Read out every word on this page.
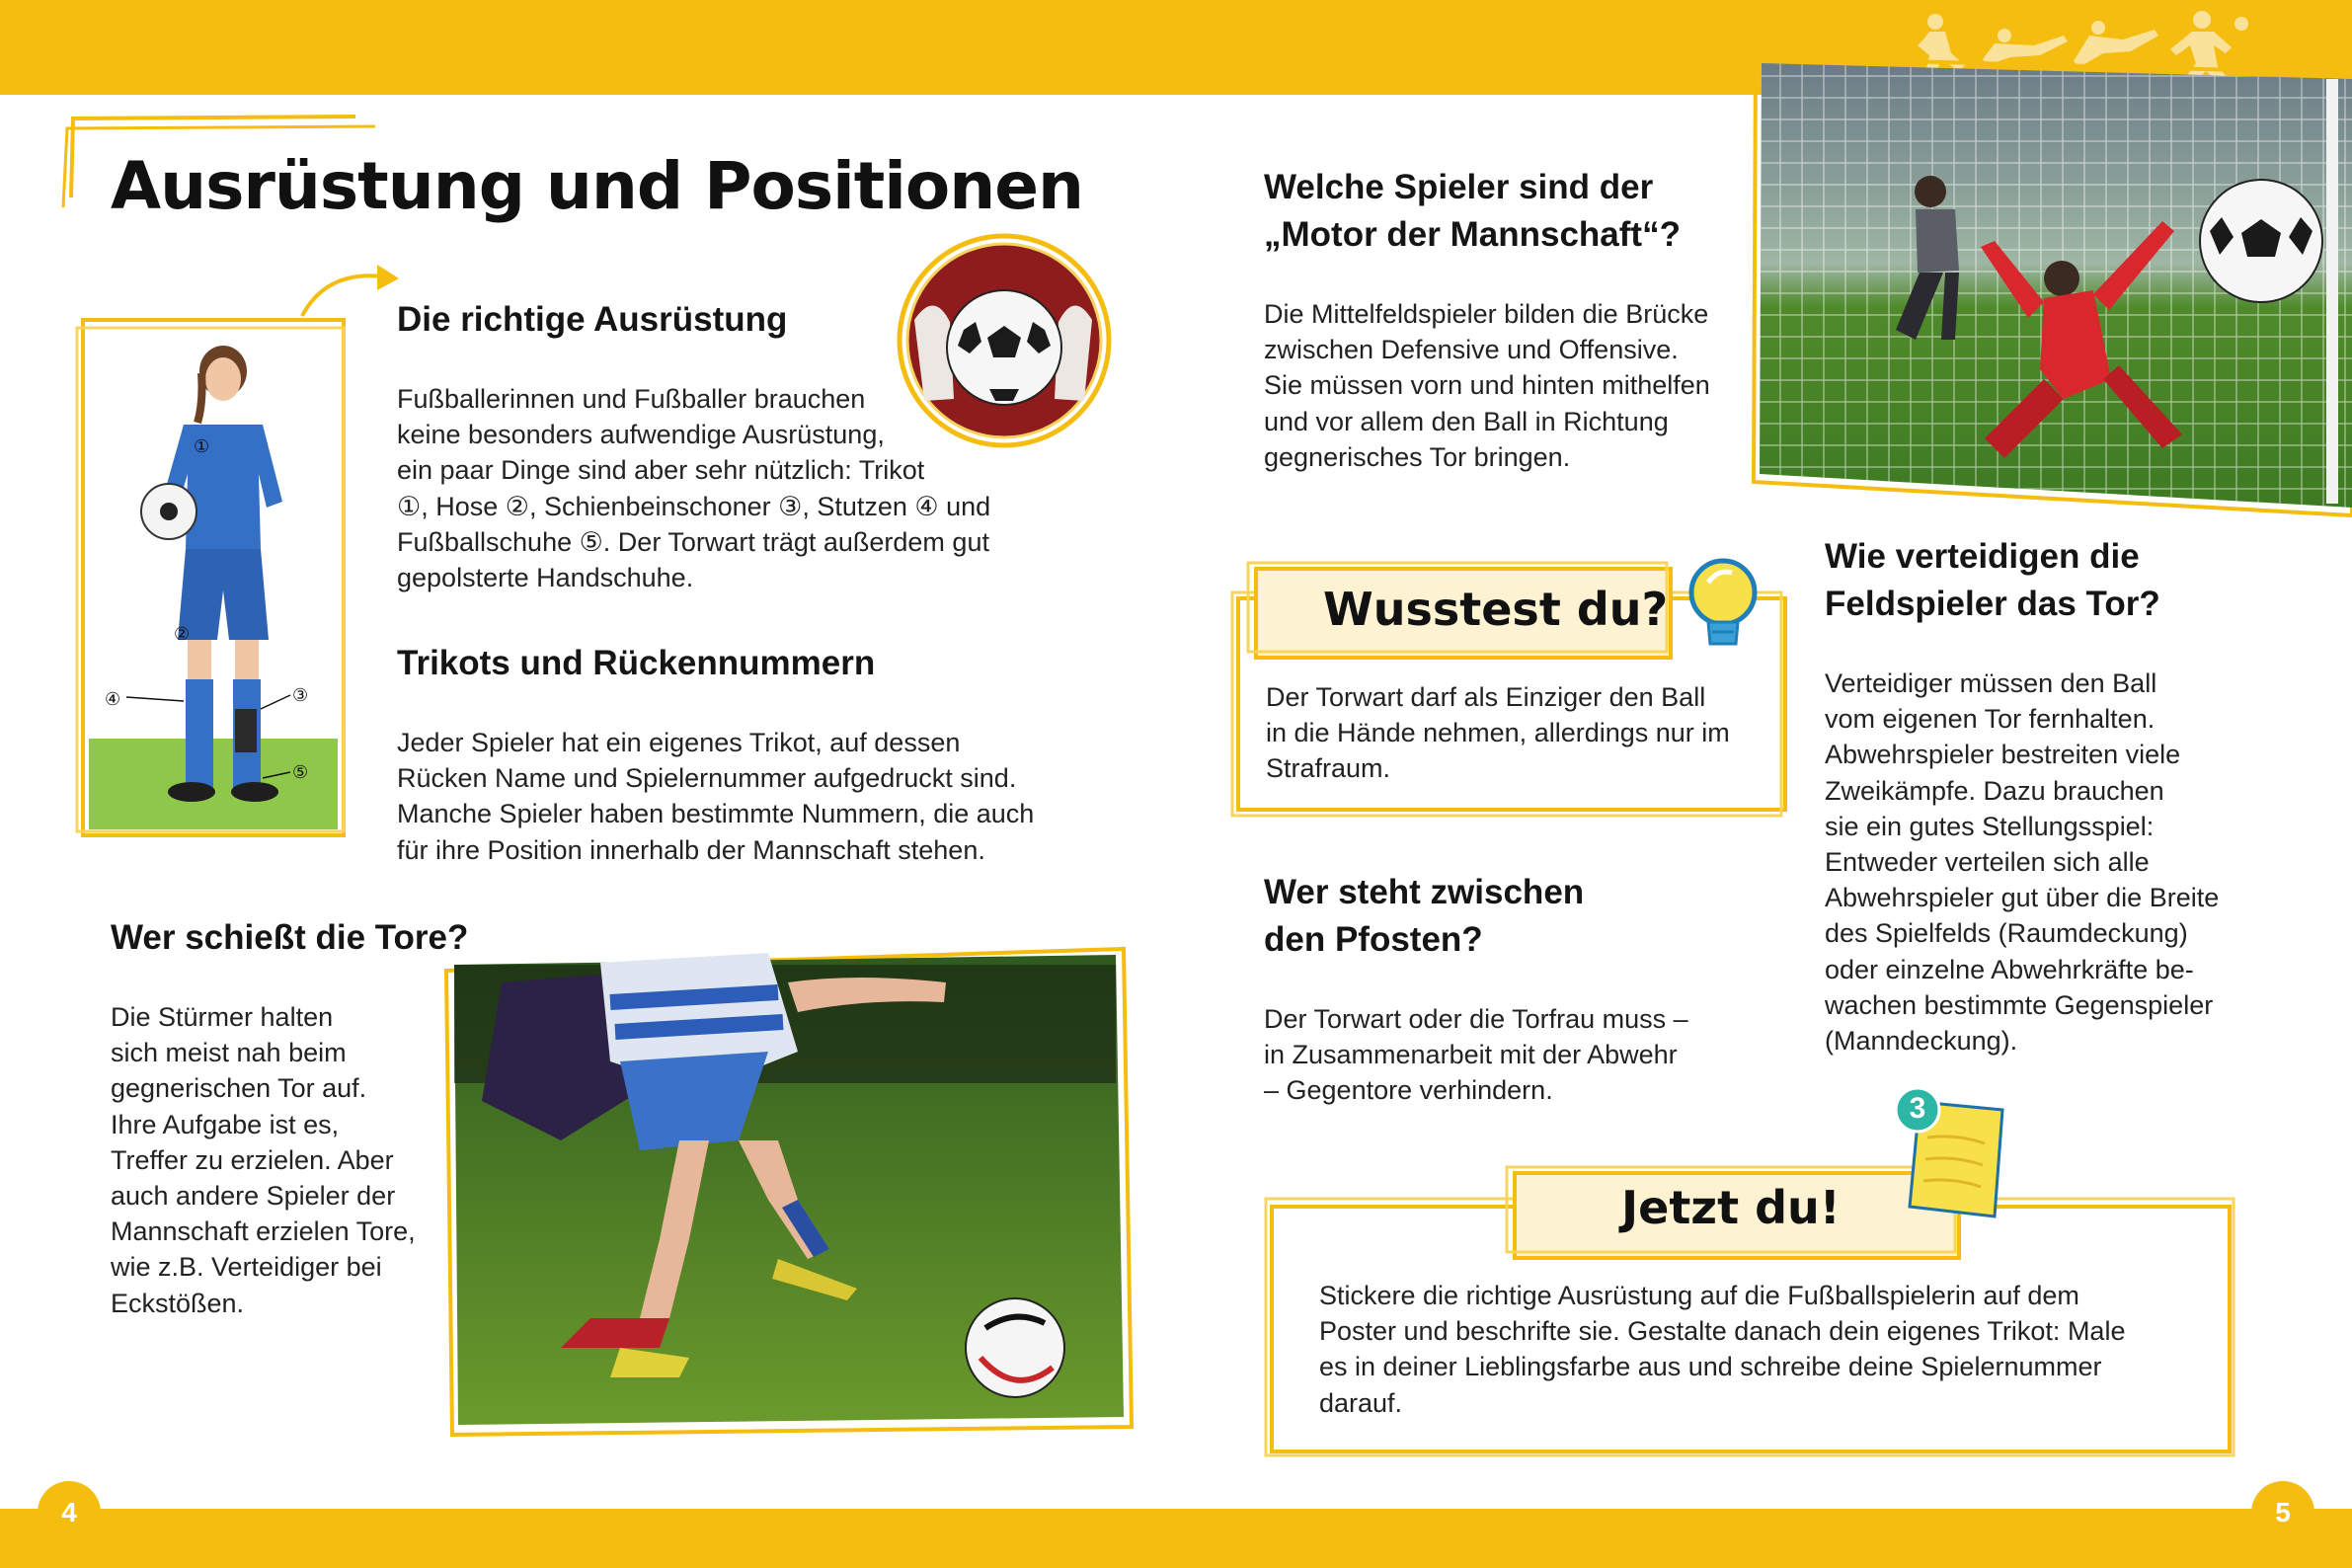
4	5
Ausrüstung und Positionen
①
②
③
④
⑤
Die richtige Ausrüstung

Fußballerinnen und Fußballer brauchen
keine besonders aufwendige Ausrüstung,
ein paar Dinge sind aber sehr nützlich: Trikot
①, Hose ②, Schienbeinschoner ③, Stutzen ④ und
Fußballschuhe ⑤. Der Torwart trägt außerdem gut
gepolsterte Handschuhe.

Trikots und Rückennummern

Jeder Spieler hat ein eigenes Trikot, auf dessen
Rücken Name und Spielernummer aufgedruckt sind.
Manche Spieler haben bestimmte Nummern, die auch
für ihre Position innerhalb der Mannschaft stehen.

Wer schießt die Tore?

Die Stürmer halten
sich meist nah beim
gegnerischen Tor auf.
Ihre Aufgabe ist es,
Treffer zu erzielen. Aber
auch andere Spieler der
Mannschaft erzielen Tore,
wie z.B. Verteidiger bei
Eckstößen.

Welche Spieler sind der
„Motor der Mannschaft“?

Die Mittelfeldspieler bilden die Brücke
zwischen Defensive und Offensive.
Sie müssen vorn und hinten mithelfen
und vor allem den Ball in Richtung
gegnerisches Tor bringen.

Wusstest du?

Der Torwart darf als Einziger den Ball
in die Hände nehmen, allerdings nur im
Strafraum.

Wie verteidigen die
Feldspieler das Tor?

Verteidiger müssen den Ball
vom eigenen Tor fernhalten.
Abwehrspieler bestreiten viele
Zweikämpfe. Dazu brauchen
sie ein gutes Stellungsspiel:
Entweder verteilen sich alle
Abwehrspieler gut über die Breite
des Spielfelds (Raumdeckung)
oder einzelne Abwehrkräfte be-
wachen bestimmte Gegenspieler
(Manndeckung).

Wer steht zwischen
den Pfosten?

Der Torwart oder die Torfrau muss –
in Zusammenarbeit mit der Abwehr
– Gegentore verhindern.

Jetzt du!

Stickere die richtige Ausrüstung auf die Fußballspielerin auf dem
Poster und beschrifte sie. Gestalte danach dein eigenes Trikot: Male
es in deiner Lieblingsfarbe aus und schreibe deine Spielernummer
darauf.

3
